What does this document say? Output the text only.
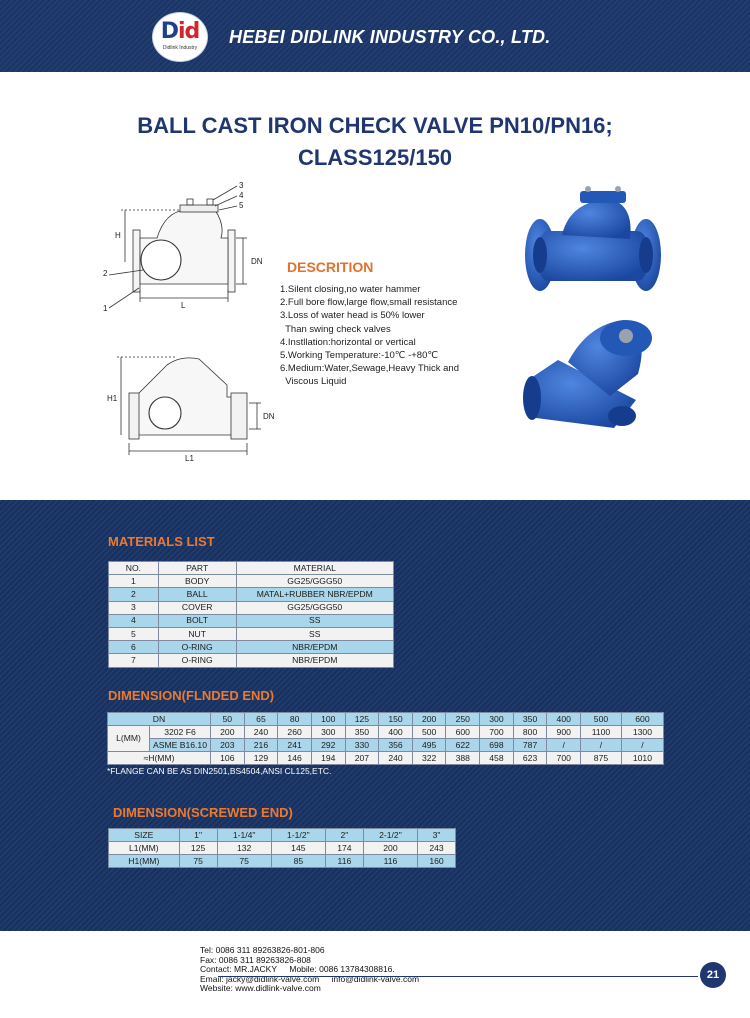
Did
Didlink Industry
HEBEI DIDLINK INDUSTRY CO., LTD.
BALL CAST IRON CHECK VALVE PN10/PN16;
CLASS125/150
3
4
5
2
1
H
DN
L
H1
DN
L1
DESCRITION
1.Silent closing,no water hammer
2.Full bore flow,large flow,small resistance
3.Loss of water head is 50% lower
Than swing check valves
4.Instllation:horizontal or vertical
5.Working Temperature:-10℃ -+80℃
6.Medium:Water,Sewage,Heavy Thick and
Viscous Liquid
MATERIALS LIST
NO.	PART	MATERIAL
1	BODY	GG25/GGG50
2	BALL	MATAL+RUBBER NBR/EPDM
3	COVER	GG25/GGG50
4	BOLT	SS
5	NUT	SS
6	O-RING	NBR/EPDM
7	O-RING	NBR/EPDM
DIMENSION(FLNDED END)
DN		50	65	80	100	125	150	200	250	300	350	400	500	600
L(MM)	3202 F6	200	240	260	300	350	400	500	600	700	800	900	1100	1300
	ASME B16.10	203	216	241	292	330	356	495	622	698	787	/	/	/
≈H(MM)		106	129	146	194	207	240	322	388	458	623	700	875	1010
*FLANGE CAN BE AS DIN2501,BS4504,ANSI CL125,ETC.
DIMENSION(SCREWED END)
SIZE	1"	1-1/4"	1-1/2"	2"	2-1/2"	3"
L1(MM)	125	132	145	174	200	243
H1(MM)	75	75	85	116	116	160
Tel: 0086 311 89263826-801-806
Fax: 0086 311 89263826-808
Contact: MR.JACKY Mobile: 0086 13784308816.
Email: jacky@didlink-valve.com info@didlink-valve.com
Website: www.didlink-valve.com
21
